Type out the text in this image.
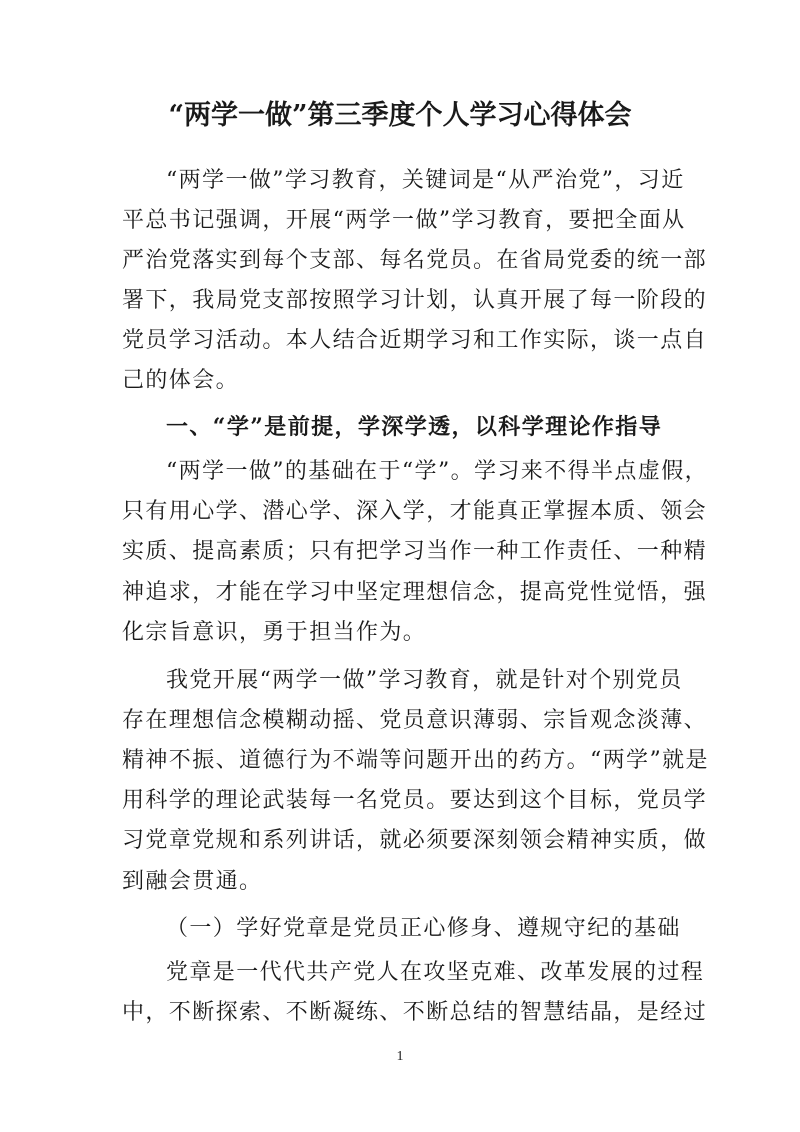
“两学一做”第三季度个人学习心得体会
“两学一做”学习教育，关键词是“从严治党”，习近
平总书记强调，开展“两学一做”学习教育，要把全面从
严治党落实到每个支部、每名党员。在省局党委的统一部
署下，我局党支部按照学习计划，认真开展了每一阶段的
党员学习活动。本人结合近期学习和工作实际，谈一点自
己的体会。
一、“学”是前提，学深学透，以科学理论作指导
“两学一做”的基础在于“学”。学习来不得半点虚假，
只有用心学、潜心学、深入学，才能真正掌握本质、领会
实质、提高素质；只有把学习当作一种工作责任、一种精
神追求，才能在学习中坚定理想信念，提高党性觉悟，强
化宗旨意识，勇于担当作为。
我党开展“两学一做”学习教育，就是针对个别党员
存在理想信念模糊动摇、党员意识薄弱、宗旨观念淡薄、
精神不振、道德行为不端等问题开出的药方。“两学”就是
用科学的理论武装每一名党员。要达到这个目标，党员学
习党章党规和系列讲话，就必须要深刻领会精神实质，做
到融会贯通。
（一）学好党章是党员正心修身、遵规守纪的基础
党章是一代代共产党人在攻坚克难、改革发展的过程
中，不断探索、不断凝练、不断总结的智慧结晶，是经过
1
